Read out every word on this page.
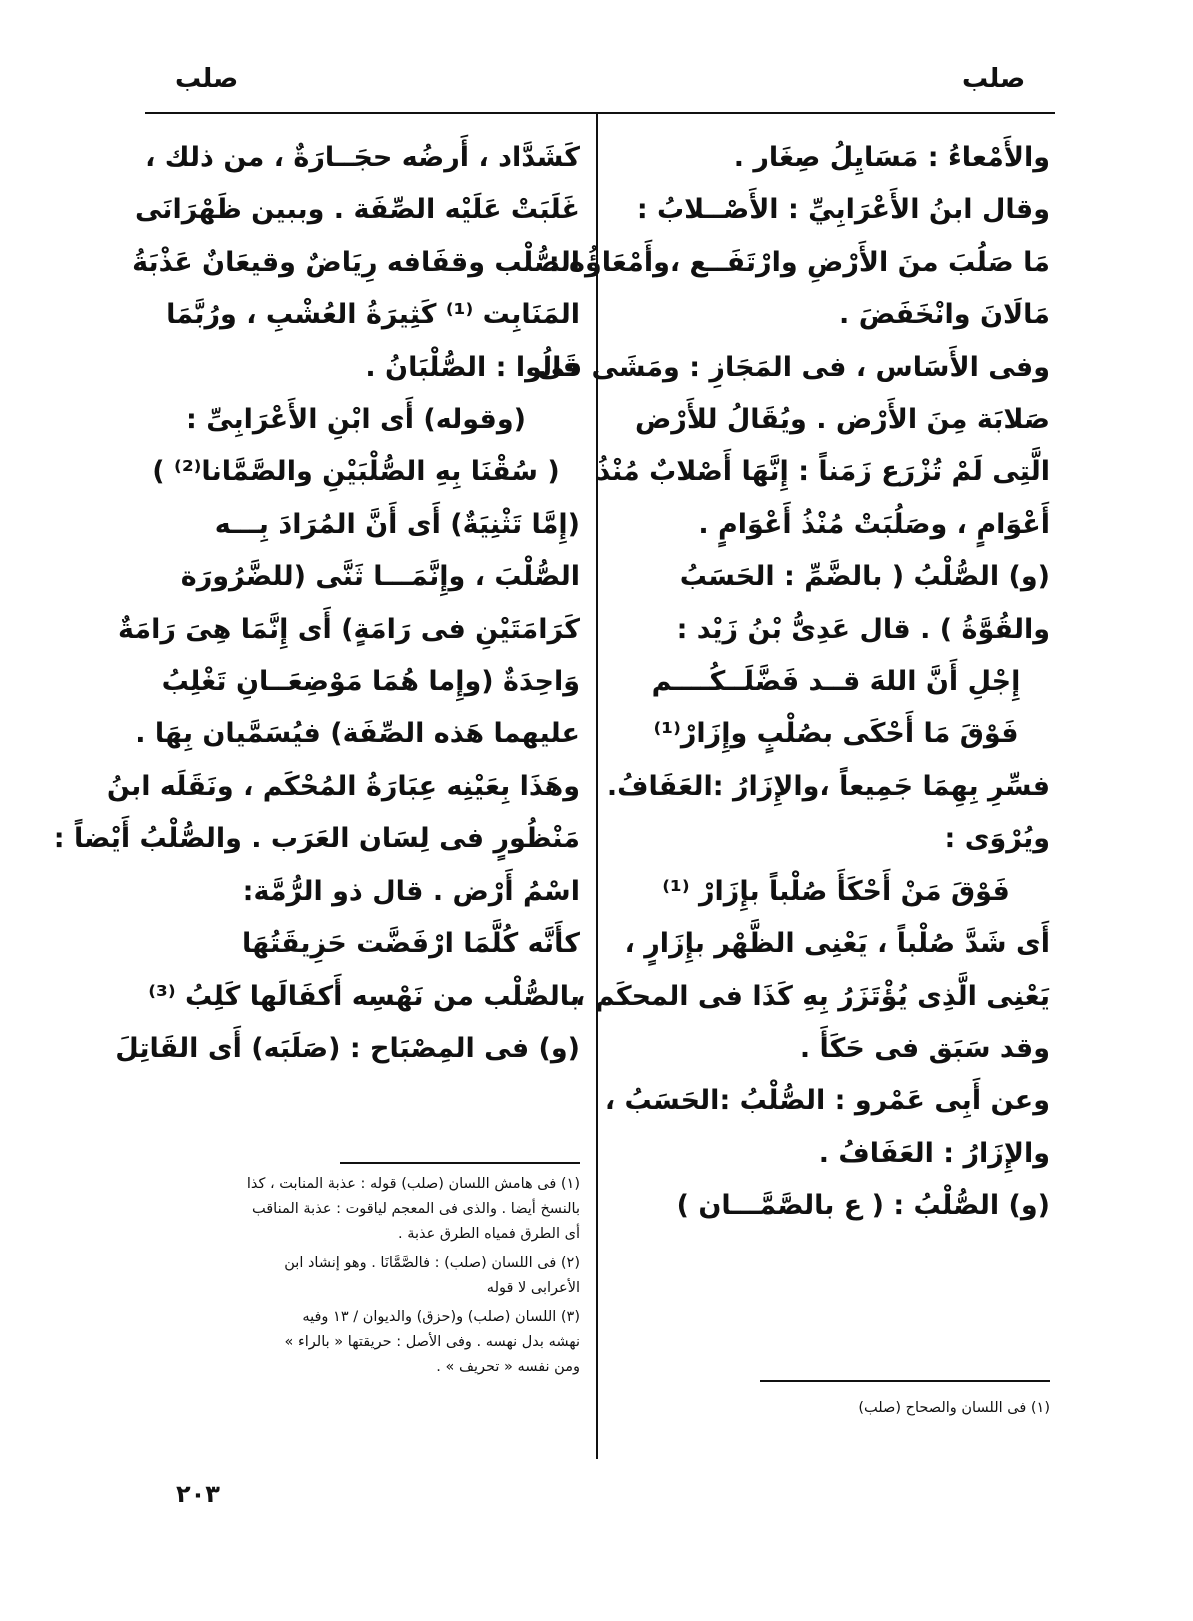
صلب
صلب
والأَمْعاءُ : مَسَايِلُ صِغَار .
وقال ابنُ الأَعْرَابِيِّ : الأَصْــلابُ :
مَا صَلُبَ منَ الأَرْضِ وارْتَفَــع ،وأَمْعَاؤُه :
مَالَانَ وانْخَفَضَ .
وفى الأَسَاس ، فى المَجَازِ : ومَشَى فى
صَلابَة مِنَ الأَرْض . ويُقَالُ للأَرْض
الَّتِى لَمْ تُزْرَع زَمَناً : إِنَّهَا أَصْلابٌ مُنْذُ
أَعْوَامٍ ، وصَلُبَتْ مُنْذُ أَعْوَامٍ .
(و) الصُّلْبُ ( بالضَّمِّ : الحَسَبُ
والقُوَّةُ ) . قال عَدِىُّ بْنُ زَيْد :
إِجْلِ أَنَّ اللهَ قــد فَضَّلَــكُــــم
فَوْقَ مَا أَحْكَى بصُلْبٍ وإِزَارْ⁽¹⁾
فسِّرِ بِهِمَا جَمِيعاً ،والإِزَارُ :العَفَافُ.
ويُرْوَى :
فَوْقَ مَنْ أَحْكَأَ صُلْباً بإِزَارْ ⁽¹⁾
أَى شَدَّ صُلْباً ، يَعْنِى الظَّهْر بإِزَارٍ ،
يَعْنِى الَّذِى يُؤْتَزَرُ بِهِ كَذَا فى المحكَم ،
وقد سَبَق فى حَكَأَ .
وعن أَبِى عَمْرو : الصُّلْبُ :الحَسَبُ ،
والإِزَارُ : العَفَافُ .
(و) الصُّلْبُ : ( ع بالصَّمَّـــان )
كَشَدَّاد ، أَرضُه حجَــارَةٌ ، من ذلك ،
غَلَبَتْ عَلَيْه الصِّفَة . وببين ظَهْرَانَى
الصُّلْب وقفَافه رِيَاضٌ وقيعَانٌ عَذْبَةُ
المَنَابِت ⁽¹⁾ كَثِيرَةُ العُشْبِ ، ورُبَّمَا
قَالُوا : الصُّلْبَانُ .
(وقوله) أَى ابْنِ الأَعْرَابِىِّ :
( سُقْنَا بِهِ الصُّلْبَيْنِ والصَّمَّانا⁽²⁾ )
(إِمَّا تَثْنِيَةٌ) أَى أَنَّ المُرَادَ بِـــه
الصُّلْبَ ، وإِنَّمَـــا ثَنَّى (للضَّرُورَة
كَرَامَتَيْنِ فى رَامَةٍ) أَى إِنَّمَا هِىَ رَامَةٌ
وَاحِدَةٌ (وإِما هُمَا مَوْضِعَــانِ تَغْلِبُ
عليهما هَذه الصِّفَة) فيُسَمَّيان بِهَا .
وهَذَا بِعَيْنِه عِبَارَةُ المُحْكَم ، ونَقَلَه ابنُ
مَنْظُورٍ فى لِسَان العَرَب . والصُّلْبُ أَيْضاً :
اسْمُ أَرْض . قال ذو الرُّمَّة:
كأَنَّه كُلَّمَا ارْفَضَّت حَزِيقَتُهَا
بالصُّلْب من نَهْسِه أَكفَالَها كَلِبُ ⁽³⁾
(و) فى المِصْبَاح : (صَلَبَه) أَى القَاتِلَ
(١) فى اللسان والصحاح (صلب)
(١) فى هامش اللسان (صلب) قوله : عذبة المنابت ، كذا
بالنسخ أيضا . والذى فى المعجم لياقوت : عذبة المناقب
أى الطرق فمياه الطرق عذبة .
(٢) فى اللسان (صلب) : فالصَّمَّانَا . وهو إنشاد ابن
الأعرابى لا قوله
(٣) اللسان (صلب) و(حزق) والديوان / ١٣ وفيه
نهشه بدل نهسه . وفى الأصل : حريقتها « بالراء »
ومن نفسه « تحريف » .
٢٠٣
